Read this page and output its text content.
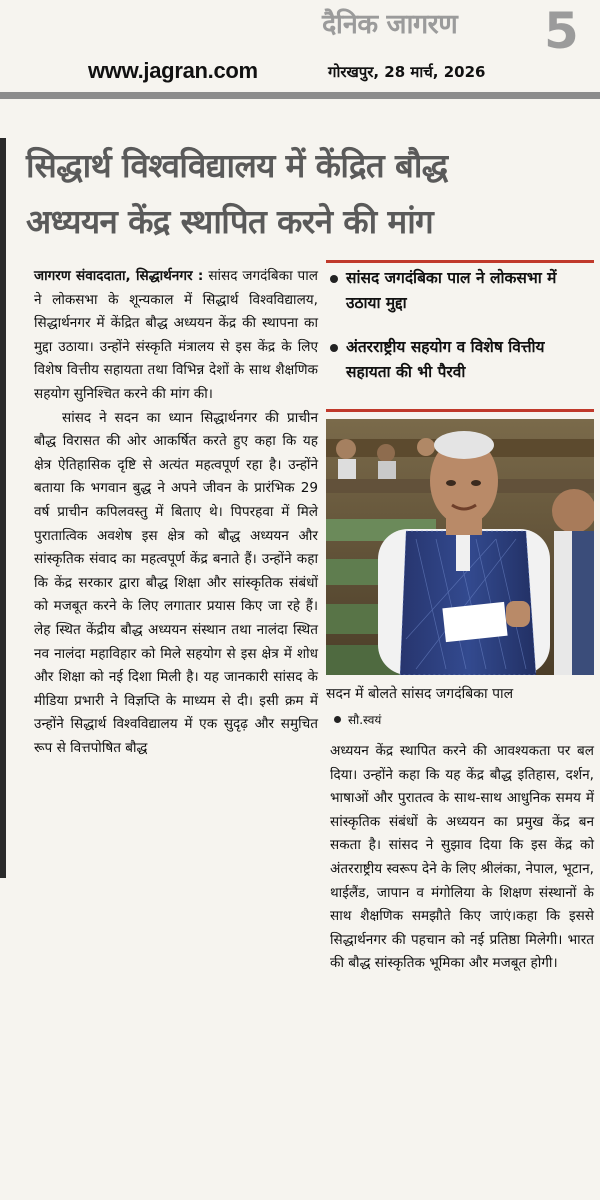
www.jagran.com
दैनिक जागरण 5
गोरखपुर, 28 मार्च, 2026
सिद्धार्थ विश्वविद्यालय में केंद्रित बौद्ध
अध्ययन केंद्र स्थापित करने की मांग

जागरण संवाददाता, सिद्धार्थनगर : सांसद जगदंबिका पाल ने लोकसभा के शून्यकाल में सिद्धार्थ विश्वविद्यालय, सिद्धार्थनगर में केंद्रित बौद्ध अध्ययन केंद्र की स्थापना का मुद्दा उठाया। उन्होंने संस्कृति मंत्रालय से इस केंद्र के लिए विशेष वित्तीय सहायता तथा विभिन्न देशों के साथ शैक्षणिक सहयोग सुनिश्चित करने की मांग की।

सांसद ने सदन का ध्यान सिद्धार्थनगर की प्राचीन बौद्ध विरासत की ओर आकर्षित करते हुए कहा कि यह क्षेत्र ऐतिहासिक दृष्टि से अत्यंत महत्वपूर्ण रहा है। उन्होंने बताया कि भगवान बुद्ध ने अपने जीवन के प्रारंभिक 29 वर्ष प्राचीन कपिलवस्तु में बिताए थे। पिपरहवा में मिले पुरातात्विक अवशेष इस क्षेत्र को बौद्ध अध्ययन और सांस्कृतिक संवाद का महत्वपूर्ण केंद्र बनाते हैं। उन्होंने कहा कि केंद्र सरकार द्वारा बौद्ध शिक्षा और सांस्कृतिक संबंधों को मजबूत करने के लिए लगातार प्रयास किए जा रहे हैं। लेह स्थित केंद्रीय बौद्ध अध्ययन संस्थान तथा नालंदा स्थित नव नालंदा महाविहार को मिले सहयोग से इस क्षेत्र में शोध और शिक्षा को नई दिशा मिली है। यह जानकारी सांसद के मीडिया प्रभारी ने विज्ञप्ति के माध्यम से दी। इसी क्रम में उन्होंने सिद्धार्थ विश्वविद्यालय में एक सुदृढ़ और समुचित रूप से वित्तपोषित बौद्ध

सांसद जगदंबिका पाल ने लोकसभा में उठाया मुद्दा
अंतरराष्ट्रीय सहयोग व विशेष वित्तीय सहायता की भी पैरवी
सदन में बोलते सांसद जगदंबिका पाल
सौ.स्वयं

अध्ययन केंद्र स्थापित करने की आवश्यकता पर बल दिया। उन्होंने कहा कि यह केंद्र बौद्ध इतिहास, दर्शन, भाषाओं और पुरातत्व के साथ-साथ आधुनिक समय में सांस्कृतिक संबंधों के अध्ययन का प्रमुख केंद्र बन सकता है। सांसद ने सुझाव दिया कि इस केंद्र को अंतरराष्ट्रीय स्वरूप देने के लिए श्रीलंका, नेपाल, भूटान, थाईलैंड, जापान व मंगोलिया के शिक्षण संस्थानों के साथ शैक्षणिक समझौते किए जाएं।कहा कि इससे सिद्धार्थनगर की पहचान को नई प्रतिष्ठा मिलेगी। भारत की बौद्ध सांस्कृतिक भूमिका और मजबूत होगी।
